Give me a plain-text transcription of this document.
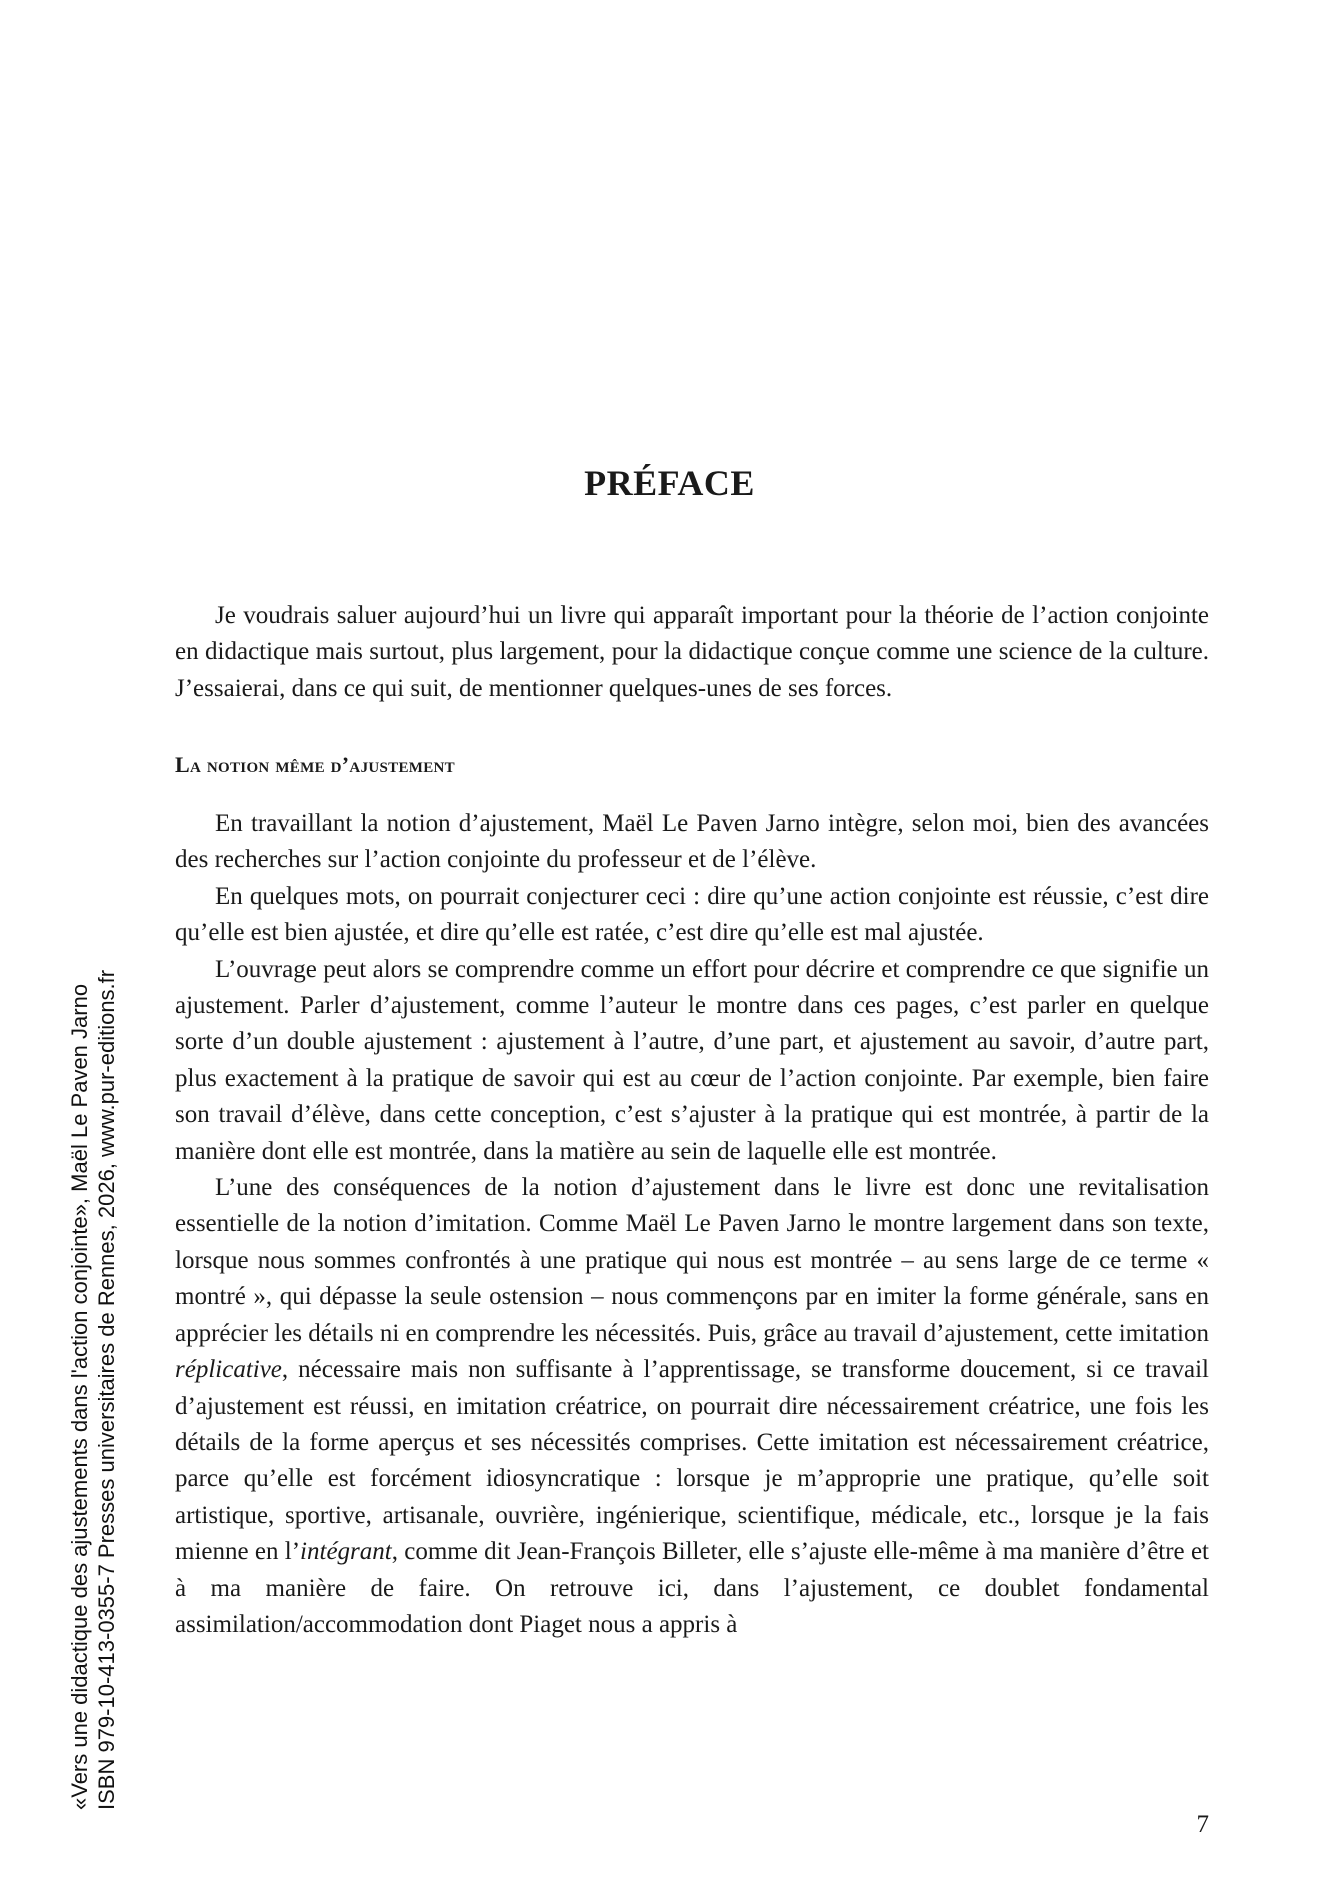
PRÉFACE

Je voudrais saluer aujourd’hui un livre qui apparaît important pour la théorie de l’action conjointe en didactique mais surtout, plus largement, pour la didactique conçue comme une science de la culture. J’essaierai, dans ce qui suit, de mentionner quelques-unes de ses forces.

La notion même d’ajustement

En travaillant la notion d’ajustement, Maël Le Paven Jarno intègre, selon moi, bien des avancées des recherches sur l’action conjointe du professeur et de l’élève.

En quelques mots, on pourrait conjecturer ceci : dire qu’une action conjointe est réussie, c’est dire qu’elle est bien ajustée, et dire qu’elle est ratée, c’est dire qu’elle est mal ajustée.

L’ouvrage peut alors se comprendre comme un effort pour décrire et comprendre ce que signifie un ajustement. Parler d’ajustement, comme l’auteur le montre dans ces pages, c’est parler en quelque sorte d’un double ajustement : ajustement à l’autre, d’une part, et ajustement au savoir, d’autre part, plus exactement à la pratique de savoir qui est au cœur de l’action conjointe. Par exemple, bien faire son travail d’élève, dans cette conception, c’est s’ajuster à la pratique qui est montrée, à partir de la manière dont elle est montrée, dans la matière au sein de laquelle elle est montrée.

L’une des conséquences de la notion d’ajustement dans le livre est donc une revitalisation essentielle de la notion d’imitation. Comme Maël Le Paven Jarno le montre largement dans son texte, lorsque nous sommes confrontés à une pratique qui nous est montrée – au sens large de ce terme « montré », qui dépasse la seule ostension – nous commençons par en imiter la forme générale, sans en apprécier les détails ni en comprendre les nécessités. Puis, grâce au travail d’ajustement, cette imitation réplicative, nécessaire mais non suffisante à l’apprentissage, se transforme doucement, si ce travail d’ajustement est réussi, en imitation créatrice, on pourrait dire nécessairement créatrice, une fois les détails de la forme aperçus et ses nécessités comprises. Cette imitation est nécessairement créatrice, parce qu’elle est forcément idiosyncratique : lorsque je m’approprie une pratique, qu’elle soit artistique, sportive, artisanale, ouvrière, ingénierique, scientifique, médicale, etc., lorsque je la fais mienne en l’intégrant, comme dit Jean-François Billeter, elle s’ajuste elle-même à ma manière d’être et à ma manière de faire. On retrouve ici, dans l’ajustement, ce doublet fondamental assimilation/accommodation dont Piaget nous a appris à

7
«Vers une didactique des ajustements dans l'action conjointe», Maël Le Paven Jarno ISBN 979-10-413-0355-7 Presses universitaires de Rennes, 2026, www.pur-editions.fr
